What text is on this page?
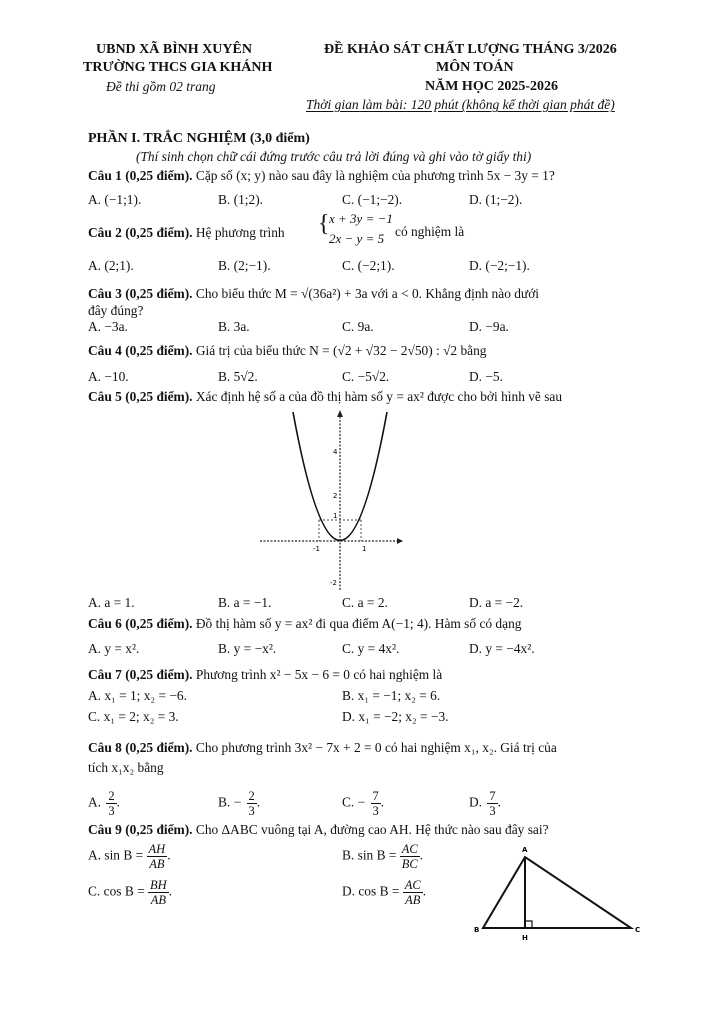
UBND XÃ BÌNH XUYÊN
TRƯỜNG THCS GIA KHÁNH
Đề thi gồm 02 trang
ĐỀ KHẢO SÁT CHẤT LƯỢNG THÁNG 3/2026
MÔN TOÁN
NĂM HỌC 2025-2026
Thời gian làm bài: 120 phút (không kể thời gian phát đề)
PHẦN I. TRẮC NGHIỆM (3,0 điểm)
(Thí sinh chọn chữ cái đứng trước câu trả lời đúng và ghi vào tờ giấy thi)
Câu 1 (0,25 điểm). Cặp số (x; y) nào sau đây là nghiệm của phương trình 5x − 3y = 1?
A. (−1;1).	B. (1;2).	C. (−1;−2).	D. (1;−2).
Câu 2 (0,25 điểm). Hệ phương trình { x + 3y = −1
2x − y = 5 có nghiệm là
A. (2;1).	B. (2;−1).	C. (−2;1).	D. (−2;−1).
Câu 3 (0,25 điểm). Cho biểu thức M = √(36a²) + 3a với a < 0. Khẳng định nào dưới
đây đúng?
A. −3a.	B. 3a.	C. 9a.	D. −9a.
Câu 4 (0,25 điểm). Giá trị của biểu thức N = (√2 + √32 − 2√50) : √2 bằng
A. −10.	B. 5√2.	C. −5√2.	D. −5.
Câu 5 (0,25 điểm). Xác định hệ số a của đồ thị hàm số y = ax² được cho bởi hình vẽ sau
4
2
1
-2
-1	1
A. a = 1.	B. a = −1.	C. a = 2.	D. a = −2.
Câu 6 (0,25 điểm). Đồ thị hàm số y = ax² đi qua điểm A(−1; 4). Hàm số có dạng
A. y = x².	B. y = −x².	C. y = 4x².	D. y = −4x².
Câu 7 (0,25 điểm). Phương trình x² − 5x − 6 = 0 có hai nghiệm là
A. x₁ = 1; x₂ = −6.	B. x₁ = −1; x₂ = 6.
C. x₁ = 2; x₂ = 3.	D. x₁ = −2; x₂ = −3.
Câu 8 (0,25 điểm). Cho phương trình 3x² − 7x + 2 = 0 có hai nghiệm x₁, x₂. Giá trị của
tích x₁x₂ bằng
A. $\frac{2}{3}$ .	B. − $\frac{2}{3}$ .	C. − $\frac{7}{3}$ .	D. $\frac{7}{3}$ .
Câu 9 (0,25 điểm). Cho ΔABC vuông tại A, đường cao AH. Hệ thức nào sau đây sai?
A. $\sin B = \frac{AH}{AB}$ .	B. $\sin B = \frac{AC}{BC}$ .
C. $\cos B = \frac{BH}{AB}$ .	D. $\cos B = \frac{AC}{AB}$ .
A
B	C
H
